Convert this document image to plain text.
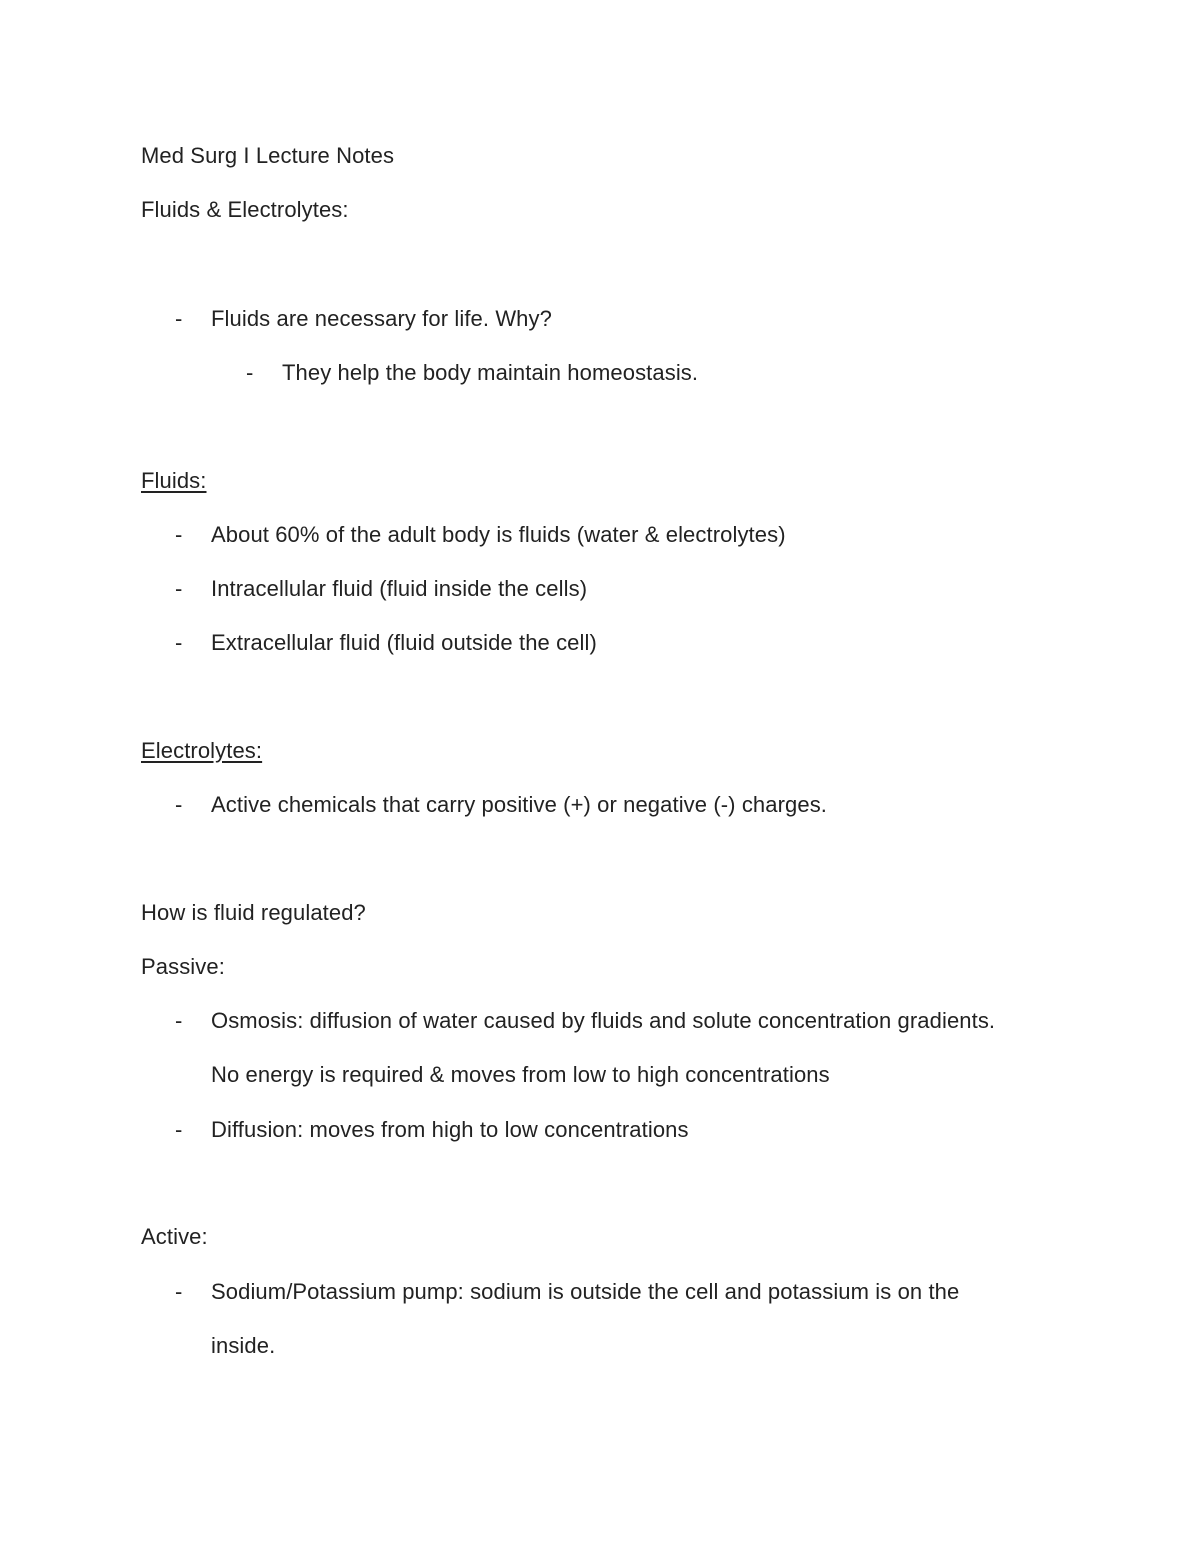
Med Surg I Lecture Notes
Fluids & Electrolytes:
- Fluids are necessary for life. Why?
- They help the body maintain homeostasis.
Fluids:
- About 60% of the adult body is fluids (water & electrolytes)
- Intracellular fluid (fluid inside the cells)
- Extracellular fluid (fluid outside the cell)
Electrolytes:
- Active chemicals that carry positive (+) or negative (-) charges.
How is fluid regulated?
Passive:
- Osmosis: diffusion of water caused by fluids and solute concentration gradients.
No energy is required & moves from low to high concentrations
- Diffusion: moves from high to low concentrations
Active:
- Sodium/Potassium pump: sodium is outside the cell and potassium is on the
inside.
